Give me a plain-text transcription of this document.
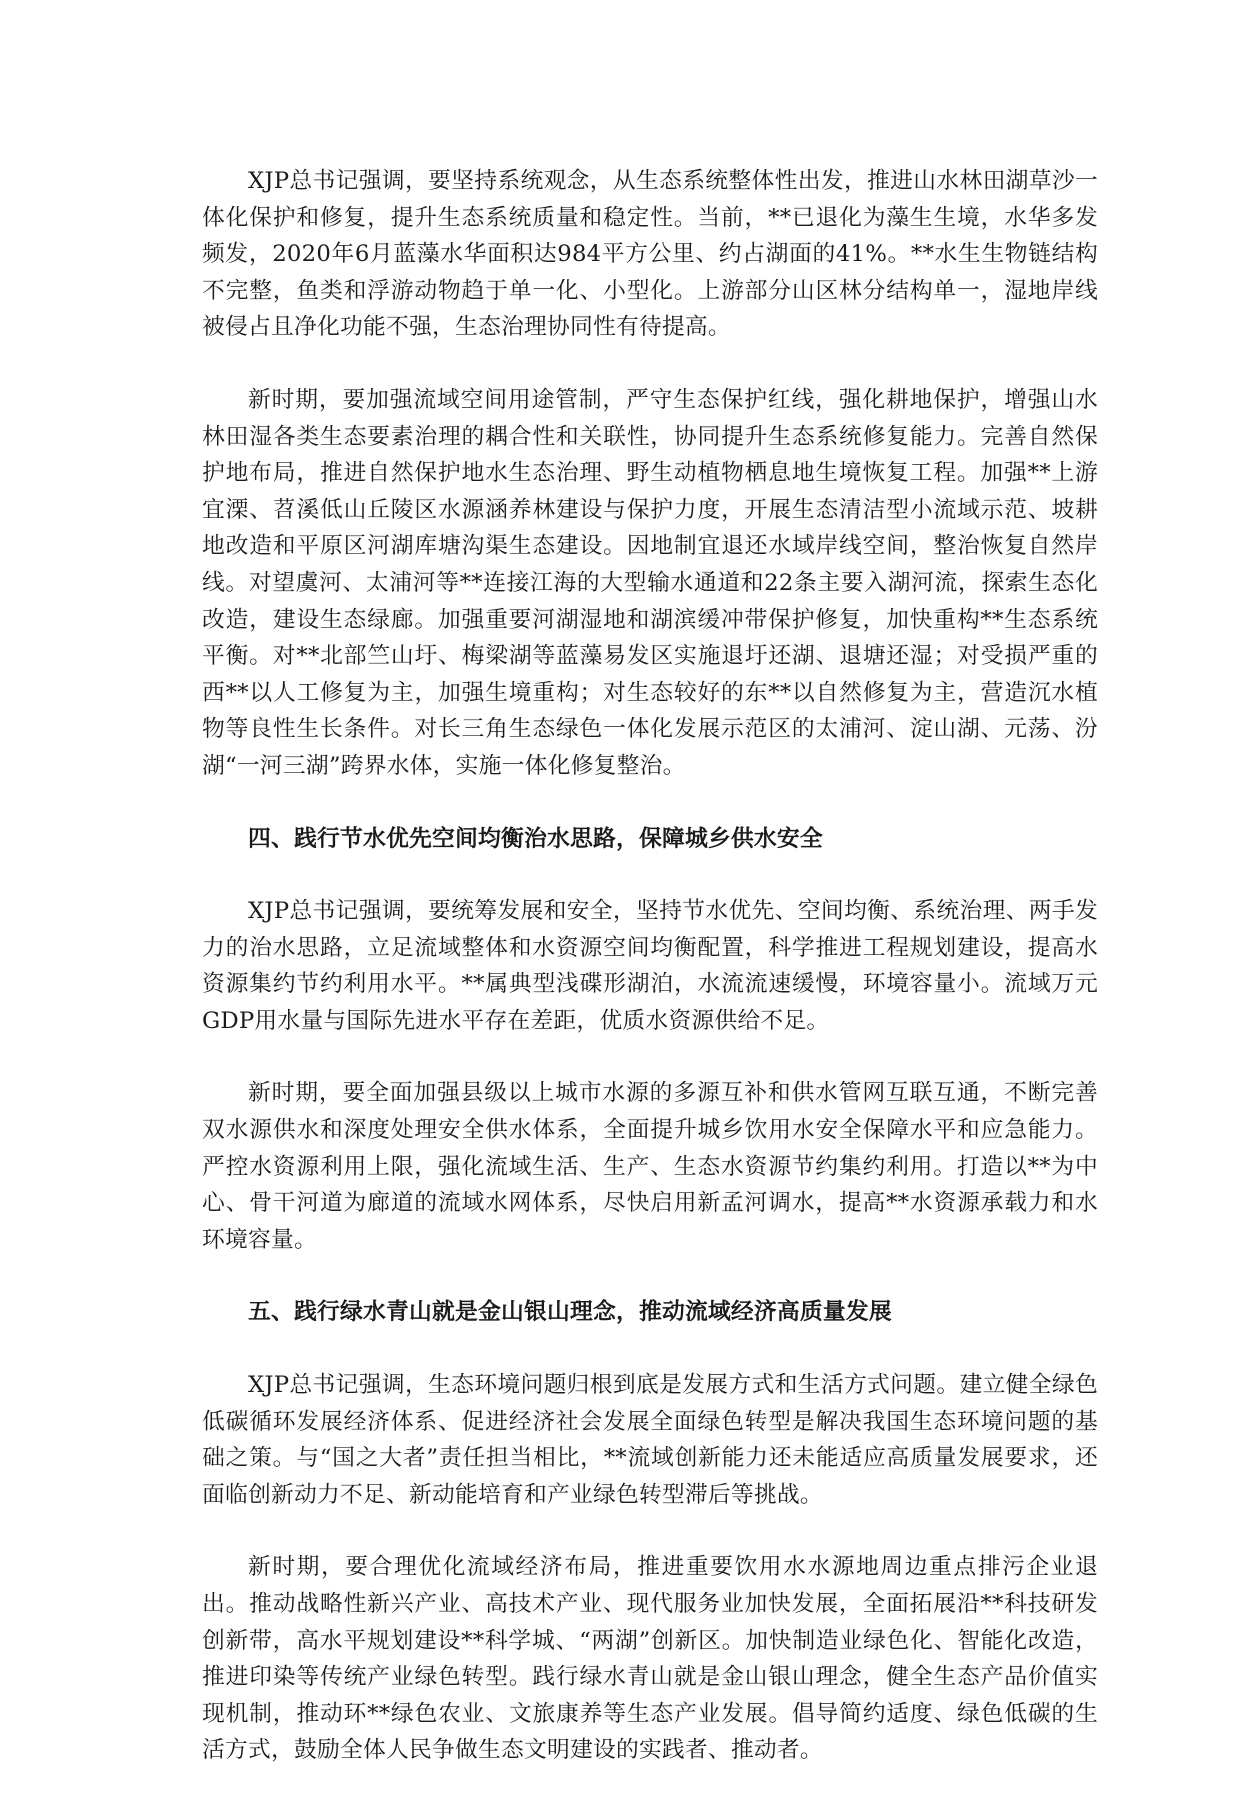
XJP总书记强调，要坚持系统观念，从生态系统整体性出发，推进山水林田湖草沙一体化保护和修复，提升生态系统质量和稳定性。当前，**已退化为藻生生境，水华多发频发，2020年6月蓝藻水华面积达984平方公里、约占湖面的41%。**水生生物链结构不完整，鱼类和浮游动物趋于单一化、小型化。上游部分山区林分结构单一，湿地岸线被侵占且净化功能不强，生态治理协同性有待提高。

新时期，要加强流域空间用途管制，严守生态保护红线，强化耕地保护，增强山水林田湿各类生态要素治理的耦合性和关联性，协同提升生态系统修复能力。完善自然保护地布局，推进自然保护地水生态治理、野生动植物栖息地生境恢复工程。加强**上游宜溧、苕溪低山丘陵区水源涵养林建设与保护力度，开展生态清洁型小流域示范、坡耕地改造和平原区河湖库塘沟渠生态建设。因地制宜退还水域岸线空间，整治恢复自然岸线。对望虞河、太浦河等**连接江海的大型输水通道和22条主要入湖河流，探索生态化改造，建设生态绿廊。加强重要河湖湿地和湖滨缓冲带保护修复，加快重构**生态系统平衡。对**北部竺山圩、梅梁湖等蓝藻易发区实施退圩还湖、退塘还湿；对受损严重的西**以人工修复为主，加强生境重构；对生态较好的东**以自然修复为主，营造沉水植物等良性生长条件。对长三角生态绿色一体化发展示范区的太浦河、淀山湖、元荡、汾湖“一河三湖”跨界水体，实施一体化修复整治。

四、践行节水优先空间均衡治水思路，保障城乡供水安全

XJP总书记强调，要统筹发展和安全，坚持节水优先、空间均衡、系统治理、两手发力的治水思路，立足流域整体和水资源空间均衡配置，科学推进工程规划建设，提高水资源集约节约利用水平。**属典型浅碟形湖泊，水流流速缓慢，环境容量小。流域万元GDP用水量与国际先进水平存在差距，优质水资源供给不足。

新时期，要全面加强县级以上城市水源的多源互补和供水管网互联互通，不断完善双水源供水和深度处理安全供水体系，全面提升城乡饮用水安全保障水平和应急能力。严控水资源利用上限，强化流域生活、生产、生态水资源节约集约利用。打造以**为中心、骨干河道为廊道的流域水网体系，尽快启用新孟河调水，提高**水资源承载力和水环境容量。

五、践行绿水青山就是金山银山理念，推动流域经济高质量发展

XJP总书记强调，生态环境问题归根到底是发展方式和生活方式问题。建立健全绿色低碳循环发展经济体系、促进经济社会发展全面绿色转型是解决我国生态环境问题的基础之策。与“国之大者”责任担当相比，**流域创新能力还未能适应高质量发展要求，还面临创新动力不足、新动能培育和产业绿色转型滞后等挑战。

新时期，要合理优化流域经济布局，推进重要饮用水水源地周边重点排污企业退出。推动战略性新兴产业、高技术产业、现代服务业加快发展，全面拓展沿**科技研发创新带，高水平规划建设**科学城、“两湖”创新区。加快制造业绿色化、智能化改造，推进印染等传统产业绿色转型。践行绿水青山就是金山银山理念，健全生态产品价值实现机制，推动环**绿色农业、文旅康养等生态产业发展。倡导简约适度、绿色低碳的生活方式，鼓励全体人民争做生态文明建设的实践者、推动者。
